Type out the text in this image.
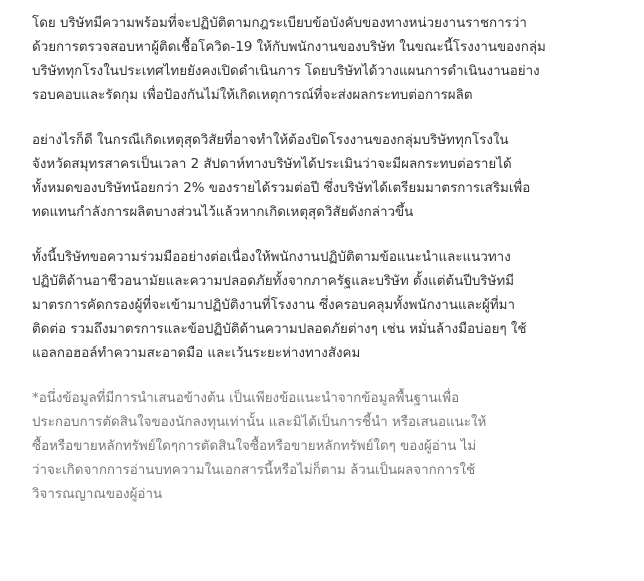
โดย บริษัทมีความพร้อมที่จะปฏิบัติตามกฎระเบียบข้อบังคับของทางหน่วยงานราชการว่า
ด้วยการตรวจสอบหาผู้ติดเชื้อโควิด-19 ให้กับพนักงานของบริษัท ในขณะนี้โรงงานของกลุ่ม
บริษัททุกโรงในประเทศไทยยังคงเปิดดำเนินการ โดยบริษัทได้วางแผนการดำเนินงานอย่าง
รอบคอบและรัดกุม เพื่อป้องกันไม่ให้เกิดเหตุการณ์ที่จะส่งผลกระทบต่อการผลิต
อย่างไรก็ดี ในกรณีเกิดเหตุสุดวิสัยที่อาจทำให้ต้องปิดโรงงานของกลุ่มบริษัททุกโรงใน
จังหวัดสมุทรสาครเป็นเวลา 2 สัปดาห์ทางบริษัทได้ประเมินว่าจะมีผลกระทบต่อรายได้
ทั้งหมดของบริษัทน้อยกว่า 2% ของรายได้รวมต่อปี ซึ่งบริษัทได้เตรียมมาตรการเสริมเพื่อ
ทดแทนกำลังการผลิตบางส่วนไว้แล้วหากเกิดเหตุสุดวิสัยดังกล่าวขึ้น
ทั้งนี้บริษัทขอความร่วมมืออย่างต่อเนื่องให้พนักงานปฏิบัติตามข้อแนะนำและแนวทาง
ปฏิบัติด้านอาชีวอนามัยและความปลอดภัยทั้งจากภาครัฐและบริษัท ตั้งแต่ต้นปีบริษัทมี
มาตรการคัดกรองผู้ที่จะเข้ามาปฏิบัติงานที่โรงงาน ซึ่งครอบคลุมทั้งพนักงานและผู้ที่มา
ติดต่อ รวมถึงมาตรการและข้อปฏิบัติด้านความปลอดภัยต่างๆ เช่น หมั่นล้างมือบ่อยๆ ใช้
แอลกอฮอล์ทำความสะอาดมือ และเว้นระยะห่างทางสังคม
*อนึ่งข้อมูลที่มีการนำเสนอข้างต้น เป็นเพียงข้อแนะนำจากข้อมูลพื้นฐานเพื่อ
ประกอบการตัดสินใจของนักลงทุนเท่านั้น และมิได้เป็นการชี้นำ หรือเสนอแนะให้
ซื้อหรือขายหลักทรัพย์ใดๆการตัดสินใจซื้อหรือขายหลักทรัพย์ใดๆ ของผู้อ่าน ไม่
ว่าจะเกิดจากการอ่านบทความในเอกสารนี้หรือไม่ก็ตาม ล้วนเป็นผลจากการใช้
วิจารณญาณของผู้อ่าน
